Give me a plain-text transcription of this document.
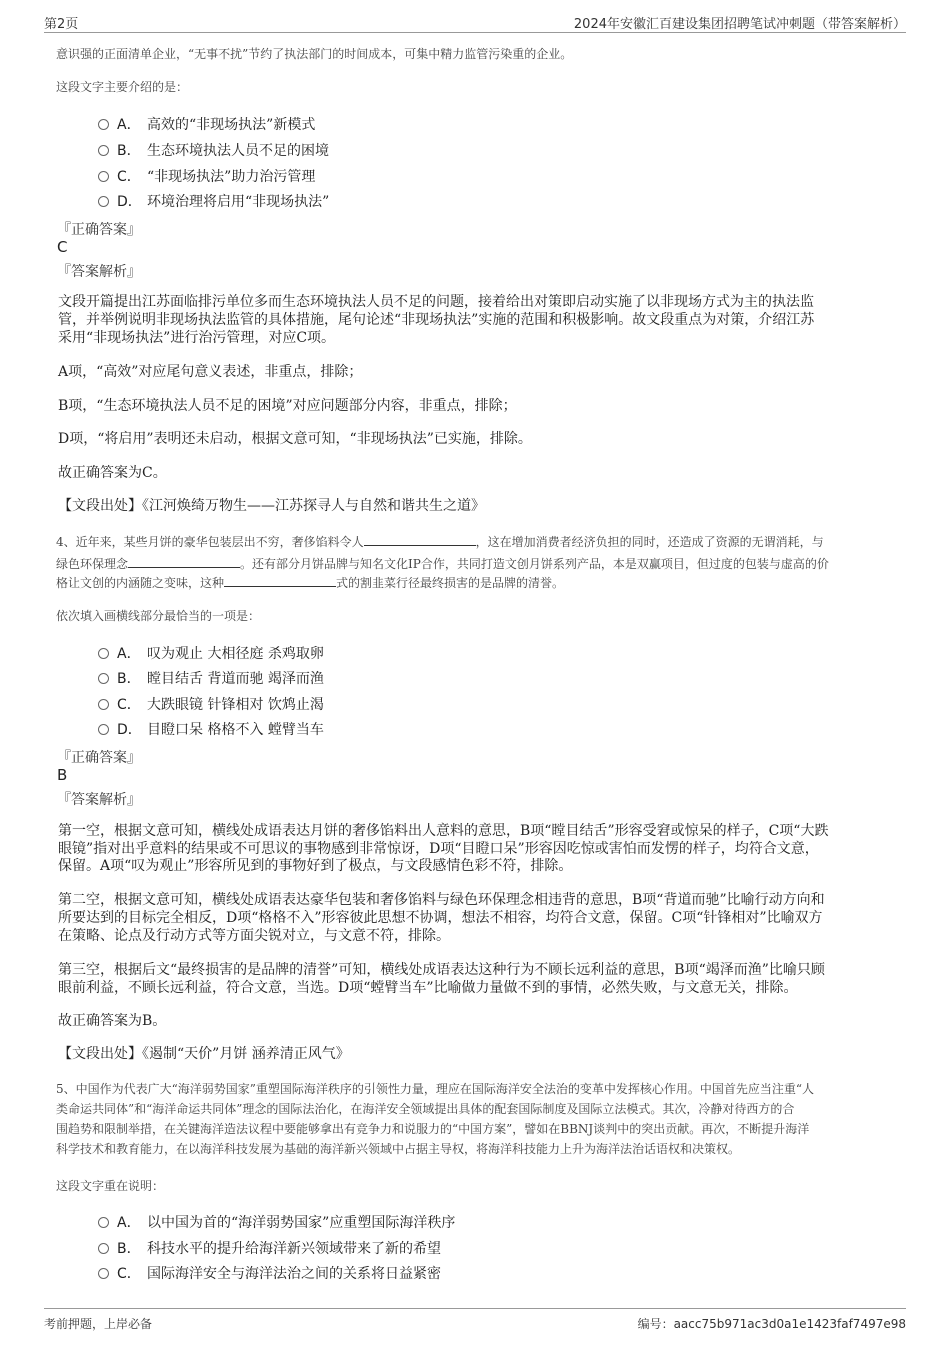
第2页	2024年安徽汇百建设集团招聘笔试冲刺题（带答案解析）
意识强的正面清单企业，“无事不扰”节约了执法部门的时间成本，可集中精力监管污染重的企业。
这段文字主要介绍的是：
A． 高效的“非现场执法”新模式
B． 生态环境执法人员不足的困境
C． “非现场执法”助力治污管理
D． 环境治理将启用“非现场执法”
『正确答案』
C
『答案解析』
文段开篇提出江苏面临排污单位多而生态环境执法人员不足的问题，接着给出对策即启动实施了以非现场方式为主的执法监
管，并举例说明非现场执法监管的具体措施，尾句论述“非现场执法”实施的范围和积极影响。故文段重点为对策，介绍江苏
采用“非现场执法”进行治污管理，对应C项。
A项，“高效”对应尾句意义表述，非重点，排除；
B项，“生态环境执法人员不足的困境”对应问题部分内容，非重点，排除；
D项，“将启用”表明还未启动，根据文意可知，“非现场执法”已实施，排除。
故正确答案为C。
【文段出处】《江河焕绮万物生——江苏探寻人与自然和谐共生之道》
4、近年来，某些月饼的豪华包装层出不穷，奢侈馅料令人	，这在增加消费者经济负担的同时，还造成了资源的无谓消耗，与
绿色环保理念	。还有部分月饼品牌与知名文化IP合作，共同打造文创月饼系列产品，本是双赢项目，但过度的包装与虚高的价
格让文创的内涵随之变味，这种	式的割韭菜行径最终损害的是品牌的清誉。
依次填入画横线部分最恰当的一项是：
A． 叹为观止 大相径庭 杀鸡取卵
B． 瞠目结舌 背道而驰 竭泽而渔
C． 大跌眼镜 针锋相对 饮鸩止渴
D． 目瞪口呆 格格不入 螳臂当车
『正确答案』
B
『答案解析』
第一空，根据文意可知，横线处成语表达月饼的奢侈馅料出人意料的意思，B项“瞠目结舌”形容受窘或惊呆的样子，C项“大跌
眼镜”指对出乎意料的结果或不可思议的事物感到非常惊讶，D项“目瞪口呆”形容因吃惊或害怕而发愣的样子，均符合文意，
保留。A项“叹为观止”形容所见到的事物好到了极点，与文段感情色彩不符，排除。
第二空，根据文意可知，横线处成语表达豪华包装和奢侈馅料与绿色环保理念相违背的意思，B项“背道而驰”比喻行动方向和
所要达到的目标完全相反，D项“格格不入”形容彼此思想不协调，想法不相容，均符合文意，保留。C项“针锋相对”比喻双方
在策略、论点及行动方式等方面尖锐对立，与文意不符，排除。
第三空，根据后文“最终损害的是品牌的清誉”可知，横线处成语表达这种行为不顾长远利益的意思，B项“竭泽而渔”比喻只顾
眼前利益，不顾长远利益，符合文意，当选。D项“螳臂当车”比喻做力量做不到的事情，必然失败，与文意无关，排除。
故正确答案为B。
【文段出处】《遏制“天价”月饼 涵养清正风气》
5、中国作为代表广大“海洋弱势国家”重塑国际海洋秩序的引领性力量，理应在国际海洋安全法治的变革中发挥核心作用。中国首先应当注重“人
类命运共同体”和“海洋命运共同体”理念的国际法治化，在海洋安全领域提出具体的配套国际制度及国际立法模式。其次，冷静对待西方的合
围趋势和限制举措，在关键海洋造法议程中要能够拿出有竞争力和说服力的“中国方案”，譬如在BBNJ谈判中的突出贡献。再次，不断提升海洋
科学技术和教育能力，在以海洋科技发展为基础的海洋新兴领域中占据主导权，将海洋科技能力上升为海洋法治话语权和决策权。
这段文字重在说明：
A． 以中国为首的“海洋弱势国家”应重塑国际海洋秩序
B． 科技水平的提升给海洋新兴领域带来了新的希望
C． 国际海洋安全与海洋法治之间的关系将日益紧密
考前押题，上岸必备	编号：aacc75b971ac3d0a1e1423faf7497e98
